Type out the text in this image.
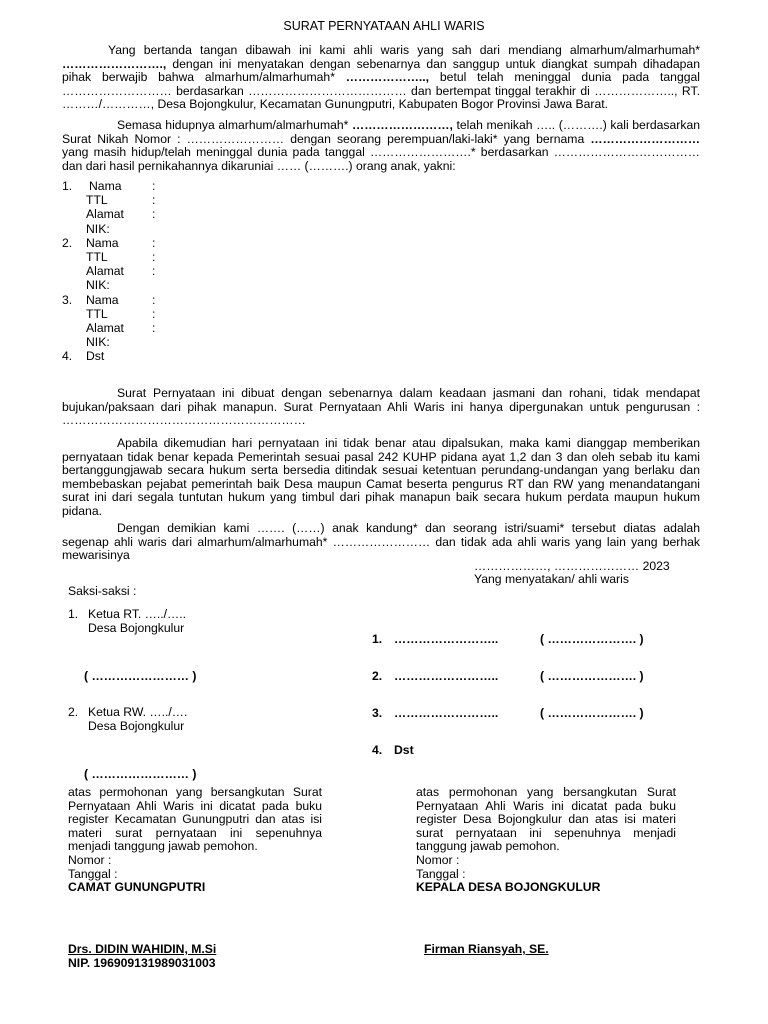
SURAT PERNYATAAN AHLI WARIS
Yang bertanda tangan dibawah ini kami ahli waris yang sah dari mendiang almarhum/almarhumah* ……………………., dengan ini menyatakan dengan sebenarnya dan sanggup untuk diangkat sumpah dihadapan pihak berwajib bahwa almarhum/almarhumah* ……………….., betul telah meninggal dunia pada tanggal ……………………… berdasarkan ………………………………… dan bertempat tinggal terakhir di ……………….., RT. ………/…………, Desa Bojongkulur, Kecamatan Gunungputri, Kabupaten Bogor Provinsi Jawa Barat.
Semasa hidupnya almarhum/almarhumah* ……………………, telah menikah ….. (……….) kali berdasarkan Surat Nikah Nomor : …………………… dengan seorang perempuan/laki-laki* yang bernama ……………………… yang masih hidup/telah meninggal dunia pada tanggal …………………….* berdasarkan ……………………………… dan dari hasil pernikahannya dikaruniai …… (……….) orang anak, yakni:
1. Nama :
TTL	:
Alamat :
NIK:
2. Nama	:
TTL	:
Alamat :
NIK:
3. Nama	:
TTL	:
Alamat :
NIK:
4. Dst
Surat Pernyataan ini dibuat dengan sebenarnya dalam keadaan jasmani dan rohani, tidak mendapat bujukan/paksaan dari pihak manapun. Surat Pernyataan Ahli Waris ini hanya dipergunakan untuk pengurusan : ……………………………………………………
Apabila dikemudian hari pernyataan ini tidak benar atau dipalsukan, maka kami dianggap memberikan pernyataan tidak benar kepada Pemerintah sesuai pasal 242 KUHP pidana ayat 1,2 dan 3 dan oleh sebab itu kami bertanggungjawab secara hukum serta bersedia ditindak sesuai ketentuan perundang-undangan yang berlaku dan membebaskan pejabat pemerintah baik Desa maupun Camat beserta pengurus RT dan RW yang menandatangani surat ini dari segala tuntutan hukum yang timbul dari pihak manapun baik secara hukum perdata maupun hukum pidana.
Dengan demikian kami ……. (……) anak kandung* dan seorang istri/suami* tersebut diatas adalah segenap ahli waris dari almarhum/almarhumah* …………………… dan tidak ada ahli waris yang lain yang berhak mewarisinya
………………, ………………… 2023
Yang menyatakan/ ahli waris
Saksi-saksi :
1. Ketua RT. …../…..
Desa Bojongkulur
( …………………… )
2. Ketua RW. …../….
Desa Bojongkulur
( …………………… )
1. ……………………..	( …………………. )
2. ……………………..	( …………………. )
3. ……………………..	( …………………. )
4. Dst
atas permohonan yang bersangkutan Surat Pernyataan Ahli Waris ini dicatat pada buku register Kecamatan Gunungputri dan atas isi materi surat pernyataan ini sepenuhnya menjadi tanggung jawab pemohon.
Nomor :
Tanggal :
CAMAT GUNUNGPUTRI
Drs. DIDIN WAHIDIN, M.Si
NIP. 196909131989031003
atas permohonan yang bersangkutan Surat Pernyataan Ahli Waris ini dicatat pada buku register Desa Bojongkulur dan atas isi materi surat pernyataan ini sepenuhnya menjadi tanggung jawab pemohon.
Nomor :
Tanggal :
KEPALA DESA BOJONGKULUR
Firman Riansyah, SE.
